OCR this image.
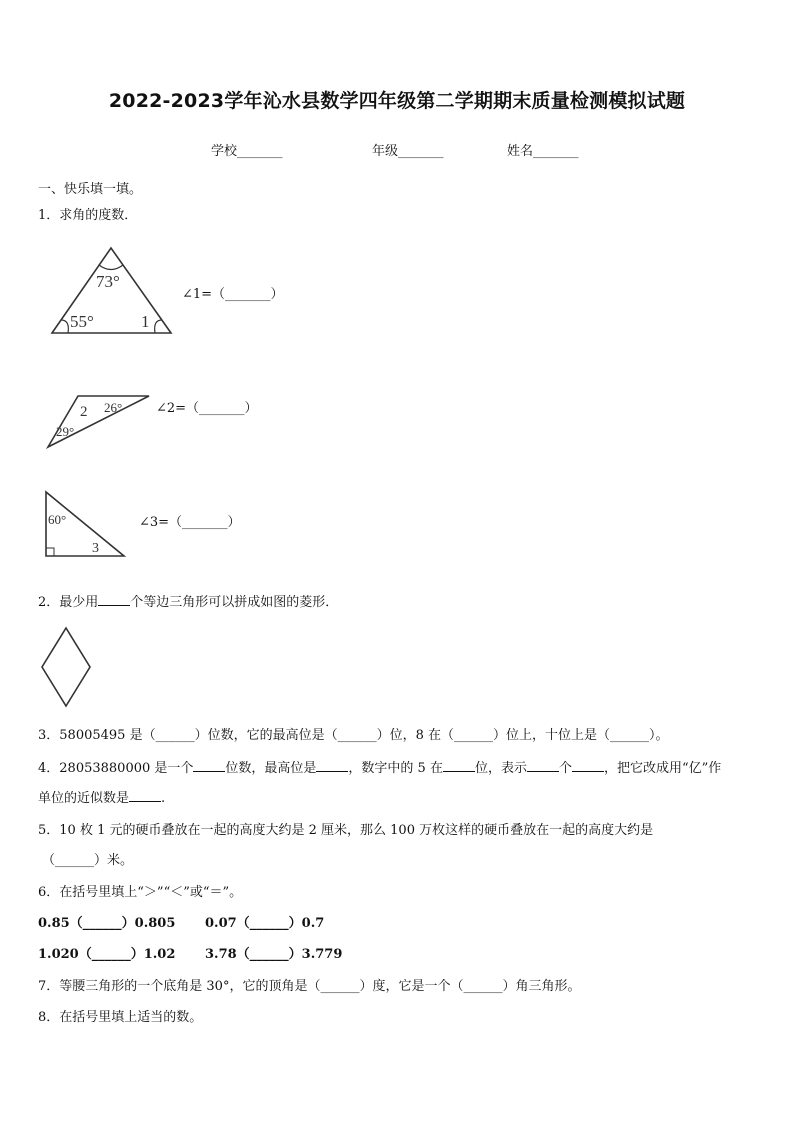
2022-2023学年沁水县数学四年级第二学期期末质量检测模拟试题
学校_______	年级_______	姓名_______
一、快乐填一填。
1．求角的度数．
73°
55°	1
∠1=（_______）
2 26°
29°
∠2=（_______）
60°
3
∠3=（_______）
2．最少用 个等边三角形可以拼成如图的菱形．
3．58005495 是（______）位数，它的最高位是（______）位，8 在（______）位上，十位上是（______）。
4．28053880000 是一个 位数，最高位是 ，数字中的 5 在 位，表示 个 ，把它改成用“亿”作
单位的近似数是 .
5．10 枚 1 元的硬币叠放在一起的高度大约是 2 厘米，那么 100 万枚这样的硬币叠放在一起的高度大约是
（______）米。
6．在括号里填上“＞”“＜”或“＝”。
0.85（______）0.805 0.07（______）0.7
1.020（______）1.02 3.78（______）3.779
7．等腰三角形的一个底角是 30°，它的顶角是（______）度，它是一个（______）角三角形。
8．在括号里填上适当的数。
